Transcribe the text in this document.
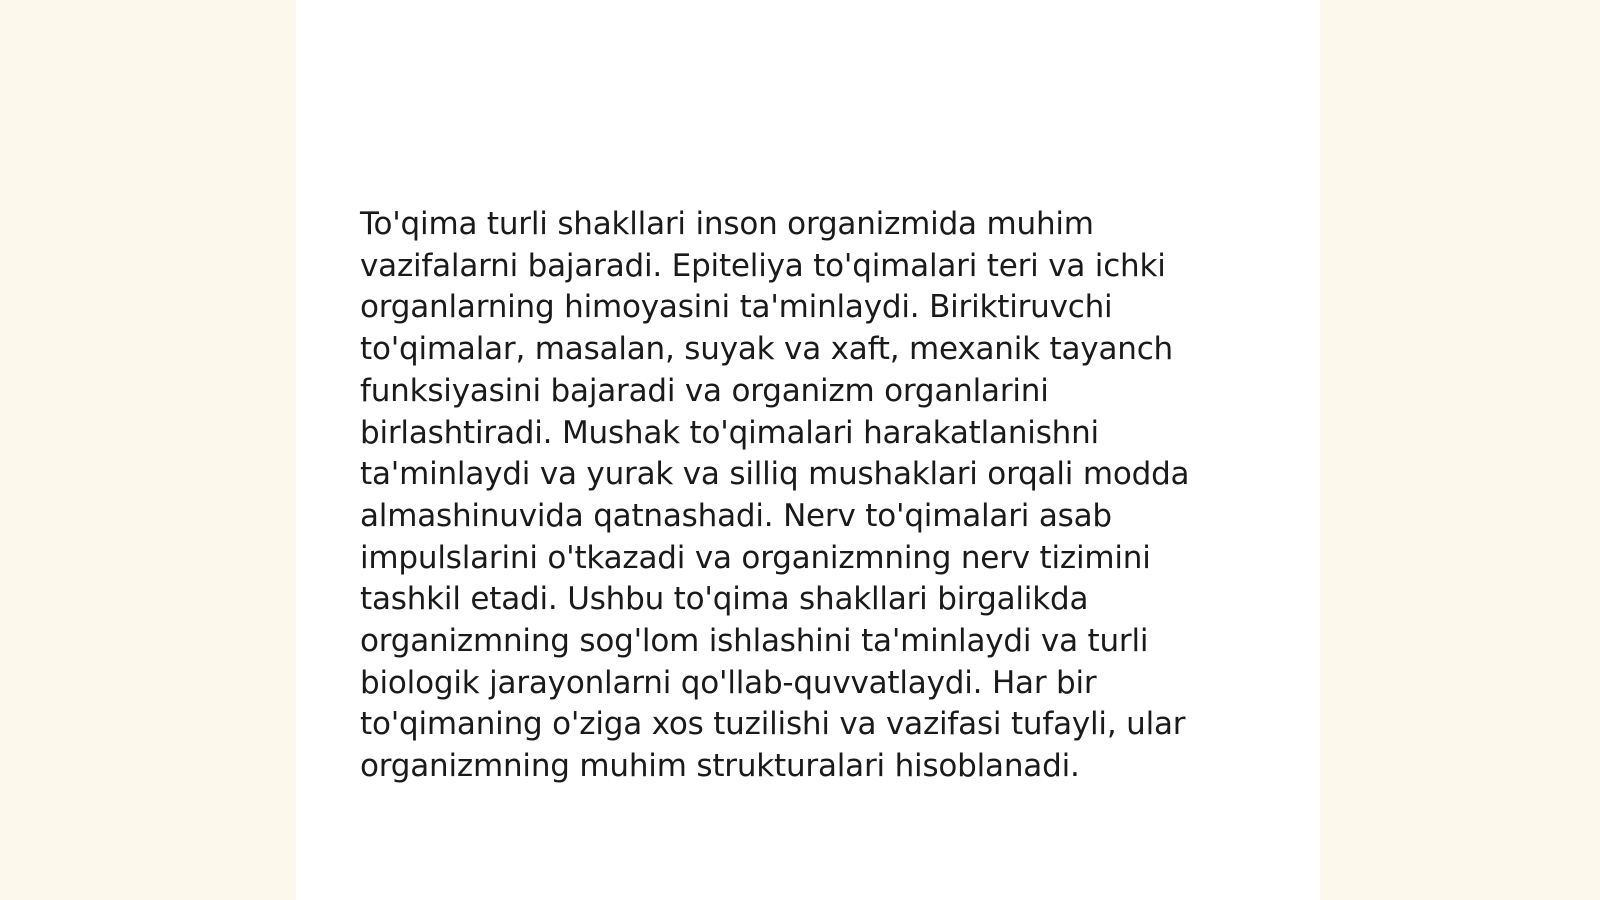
To'qima turli shakllari inson organizmida muhim vazifalarni bajaradi. Epiteliya to'qimalari teri va ichki organlarning himoyasini ta'minlaydi. Biriktiruvchi to'qimalar, masalan, suyak va xaft, mexanik tayanch funksiyasini bajaradi va organizm organlarini birlashtiradi. Mushak to'qimalari harakatlanishni ta'minlaydi va yurak va silliq mushaklari orqali modda almashinuvida qatnashadi. Nerv to'qimalari asab impulslarini o'tkazadi va organizmning nerv tizimini tashkil etadi. Ushbu to'qima shakllari birgalikda organizmning sog'lom ishlashini ta'minlaydi va turli biologik jarayonlarni qo'llab-quvvatlaydi. Har bir to'qimaning o'ziga xos tuzilishi va vazifasi tufayli, ular organizmning muhim strukturalari hisoblanadi.
